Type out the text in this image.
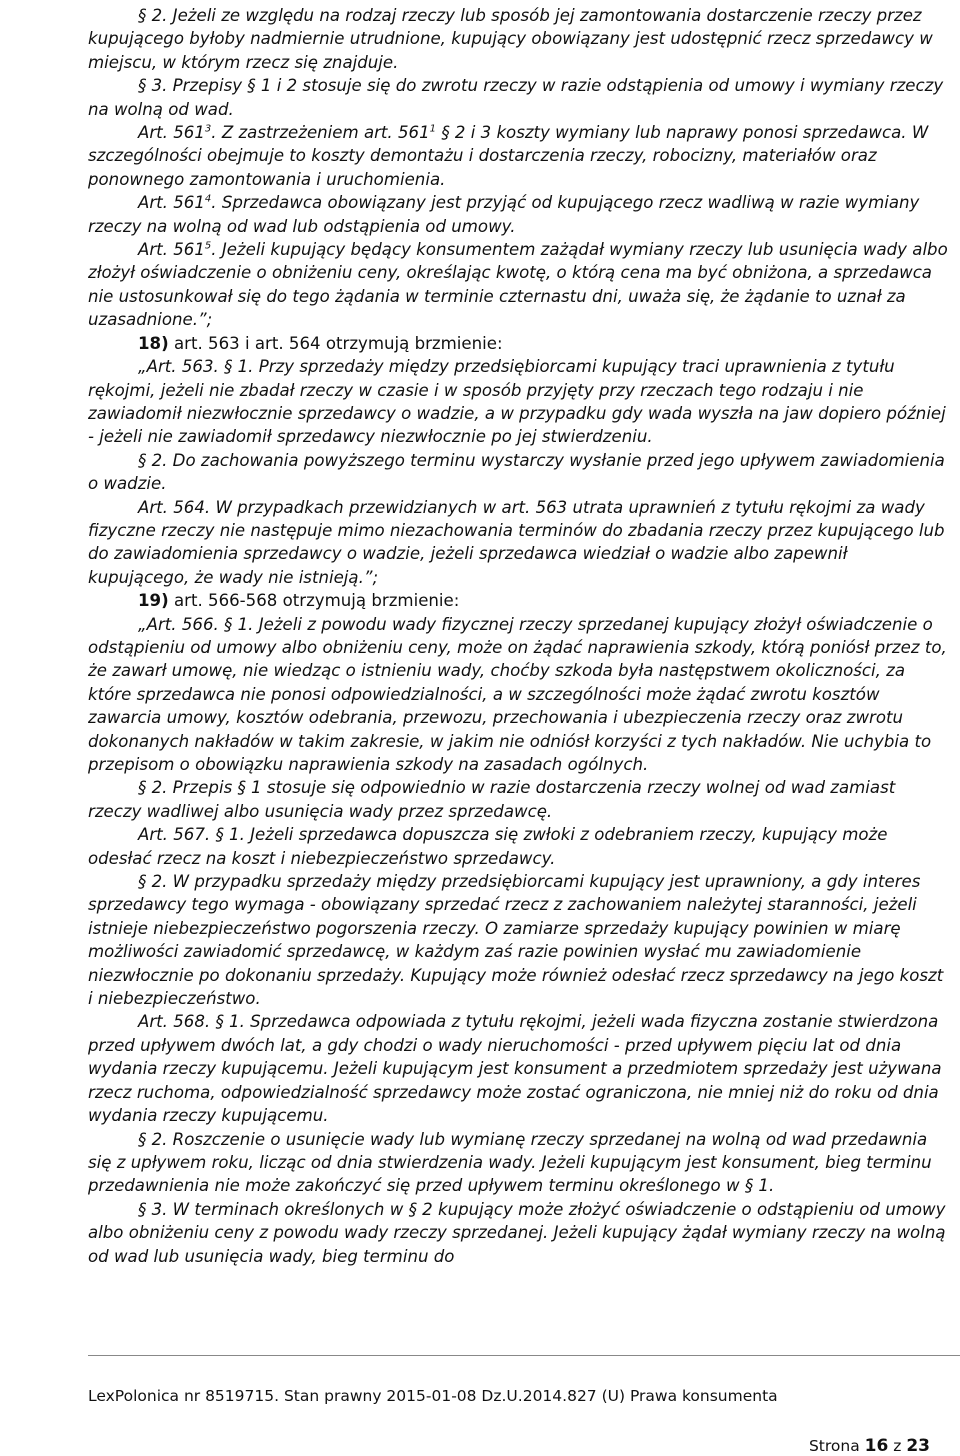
§ 2. Jeżeli ze względu na rodzaj rzeczy lub sposób jej zamontowania dostarczenie rzeczy przez kupującego byłoby nadmiernie utrudnione, kupujący obowiązany jest udostępnić rzecz sprzedawcy w miejscu, w którym rzecz się znajduje.

§ 3. Przepisy § 1 i 2 stosuje się do zwrotu rzeczy w razie odstąpienia od umowy i wymiany rzeczy na wolną od wad.

Art. $561^3$. Z zastrzeżeniem art. $561^1$ § 2 i 3 koszty wymiany lub naprawy ponosi sprzedawca. W szczególności obejmuje to koszty demontażu i dostarczenia rzeczy, robocizny, materiałów oraz ponownego zamontowania i uruchomienia.

Art. $561^4$. Sprzedawca obowiązany jest przyjąć od kupującego rzecz wadliwą w razie wymiany rzeczy na wolną od wad lub odstąpienia od umowy.

Art. $561^5$. Jeżeli kupujący będący konsumentem zażądał wymiany rzeczy lub usunięcia wady albo złożył oświadczenie o obniżeniu ceny, określając kwotę, o którą cena ma być obniżona, a sprzedawca nie ustosunkował się do tego żądania w terminie czternastu dni, uważa się, że żądanie to uznał za uzasadnione.”;

18) art. 563 i art. 564 otrzymują brzmienie:

„Art. 563. § 1. Przy sprzedaży między przedsiębiorcami kupujący traci uprawnienia z tytułu rękojmi, jeżeli nie zbadał rzeczy w czasie i w sposób przyjęty przy rzeczach tego rodzaju i nie zawiadomił niezwłocznie sprzedawcy o wadzie, a w przypadku gdy wada wyszła na jaw dopiero później - jeżeli nie zawiadomił sprzedawcy niezwłocznie po jej stwierdzeniu.

§ 2. Do zachowania powyższego terminu wystarczy wysłanie przed jego upływem zawiadomienia o wadzie.

Art. 564. W przypadkach przewidzianych w art. 563 utrata uprawnień z tytułu rękojmi za wady fizyczne rzeczy nie następuje mimo niezachowania terminów do zbadania rzeczy przez kupującego lub do zawiadomienia sprzedawcy o wadzie, jeżeli sprzedawca wiedział o wadzie albo zapewnił kupującego, że wady nie istnieją.”;

19) art. 566-568 otrzymują brzmienie:

„Art. 566. § 1. Jeżeli z powodu wady fizycznej rzeczy sprzedanej kupujący złożył oświadczenie o odstąpieniu od umowy albo obniżeniu ceny, może on żądać naprawienia szkody, którą poniósł przez to, że zawarł umowę, nie wiedząc o istnieniu wady, choćby szkoda była następstwem okoliczności, za które sprzedawca nie ponosi odpowiedzialności, a w szczególności może żądać zwrotu kosztów zawarcia umowy, kosztów odebrania, przewozu, przechowania i ubezpieczenia rzeczy oraz zwrotu dokonanych nakładów w takim zakresie, w jakim nie odniósł korzyści z tych nakładów. Nie uchybia to przepisom o obowiązku naprawienia szkody na zasadach ogólnych.

§ 2. Przepis § 1 stosuje się odpowiednio w razie dostarczenia rzeczy wolnej od wad zamiast rzeczy wadliwej albo usunięcia wady przez sprzedawcę.

Art. 567. § 1. Jeżeli sprzedawca dopuszcza się zwłoki z odebraniem rzeczy, kupujący może odesłać rzecz na koszt i niebezpieczeństwo sprzedawcy.

§ 2. W przypadku sprzedaży między przedsiębiorcami kupujący jest uprawniony, a gdy interes sprzedawcy tego wymaga - obowiązany sprzedać rzecz z zachowaniem należytej staranności, jeżeli istnieje niebezpieczeństwo pogorszenia rzeczy. O zamiarze sprzedaży kupujący powinien w miarę możliwości zawiadomić sprzedawcę, w każdym zaś razie powinien wysłać mu zawiadomienie niezwłocznie po dokonaniu sprzedaży. Kupujący może również odesłać rzecz sprzedawcy na jego koszt i niebezpieczeństwo.

Art. 568. § 1. Sprzedawca odpowiada z tytułu rękojmi, jeżeli wada fizyczna zostanie stwierdzona przed upływem dwóch lat, a gdy chodzi o wady nieruchomości - przed upływem pięciu lat od dnia wydania rzeczy kupującemu. Jeżeli kupującym jest konsument a przedmiotem sprzedaży jest używana rzecz ruchoma, odpowiedzialność sprzedawcy może zostać ograniczona, nie mniej niż do roku od dnia wydania rzeczy kupującemu.

§ 2. Roszczenie o usunięcie wady lub wymianę rzeczy sprzedanej na wolną od wad przedawnia się z upływem roku, licząc od dnia stwierdzenia wady. Jeżeli kupującym jest konsument, bieg terminu przedawnienia nie może zakończyć się przed upływem terminu określonego w § 1.

§ 3. W terminach określonych w § 2 kupujący może złożyć oświadczenie o odstąpieniu od umowy albo obniżeniu ceny z powodu wady rzeczy sprzedanej. Jeżeli kupujący żądał wymiany rzeczy na wolną od wad lub usunięcia wady, bieg terminu do

LexPolonica nr 8519715. Stan prawny 2015-01-08 Dz.U.2014.827 (U) Prawa konsumenta
Strona 16 z 23
